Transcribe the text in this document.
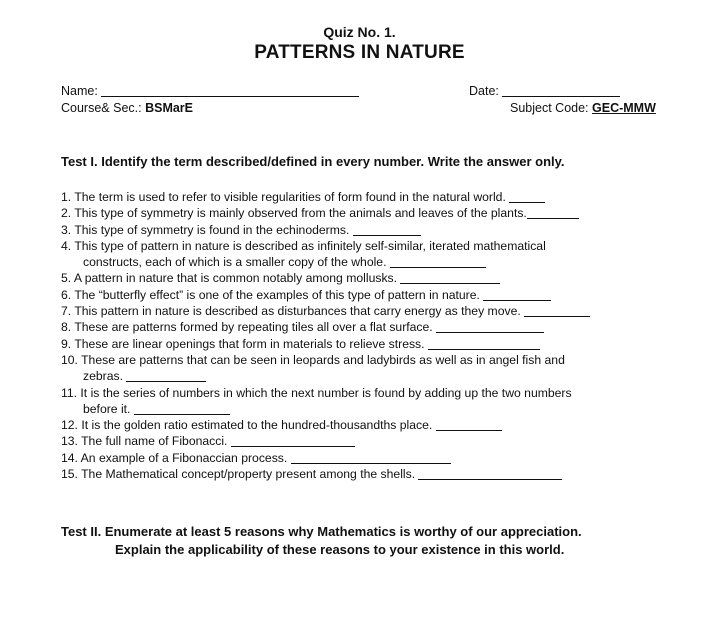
Quiz No. 1.
PATTERNS IN NATURE
Name:	Date:
Course& Sec.: BSMarE	Subject Code: GEC-MMW
Test I. Identify the term described/defined in every number. Write the answer only.
1. The term is used to refer to visible regularities of form found in the natural world.
2. This type of symmetry is mainly observed from the animals and leaves of the plants.
3. This type of symmetry is found in the echinoderms.
4. This type of pattern in nature is described as infinitely self-similar, iterated mathematical
constructs, each of which is a smaller copy of the whole.
5. A pattern in nature that is common notably among mollusks.
6. The “butterfly effect” is one of the examples of this type of pattern in nature.
7. This pattern in nature is described as disturbances that carry energy as they move.
8. These are patterns formed by repeating tiles all over a flat surface.
9. These are linear openings that form in materials to relieve stress.
10. These are patterns that can be seen in leopards and ladybirds as well as in angel fish and
zebras.
11. It is the series of numbers in which the next number is found by adding up the two numbers
before it.
12. It is the golden ratio estimated to the hundred-thousandths place.
13. The full name of Fibonacci.
14. An example of a Fibonaccian process.
15. The Mathematical concept/property present among the shells.
Test II. Enumerate at least 5 reasons why Mathematics is worthy of our appreciation.
Explain the applicability of these reasons to your existence in this world.
